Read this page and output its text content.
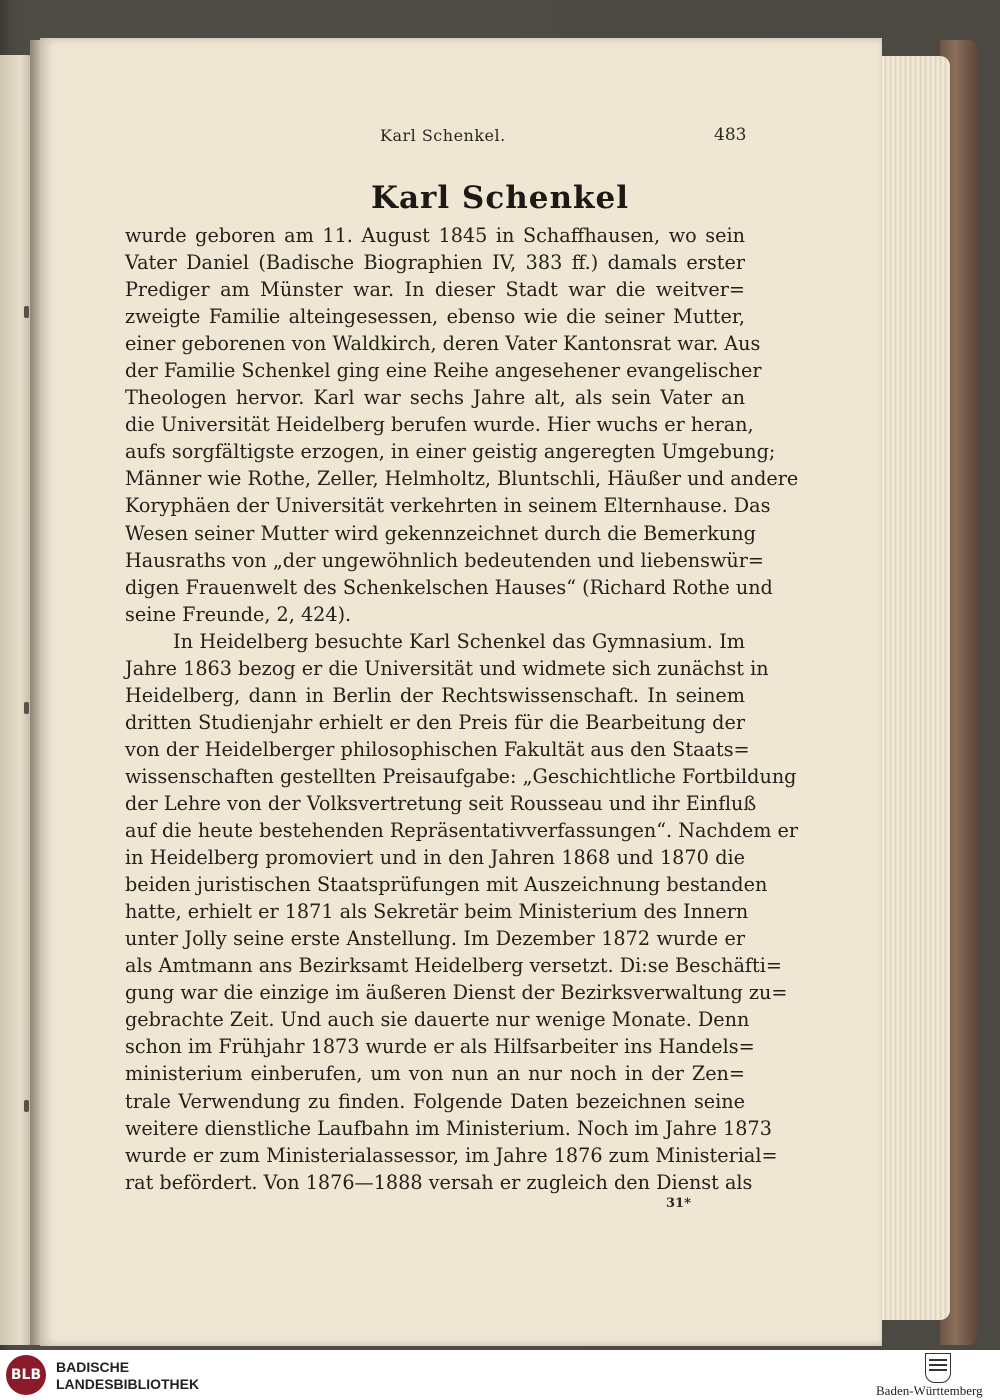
Karl Schenkel.	483
Karl Schenkel
wurde geboren am 11. August 1845 in Schaffhausen, wo sein
Vater Daniel (Badische Biographien IV, 383 ff.) damals erster
Prediger am Münster war. In dieser Stadt war die weitver=
zweigte Familie alteingesessen, ebenso wie die seiner Mutter,
einer geborenen von Waldkirch, deren Vater Kantonsrat war. Aus
der Familie Schenkel ging eine Reihe angesehener evangelischer
Theologen hervor. Karl war sechs Jahre alt, als sein Vater an
die Universität Heidelberg berufen wurde. Hier wuchs er heran,
aufs sorgfältigste erzogen, in einer geistig angeregten Umgebung;
Männer wie Rothe, Zeller, Helmholtz, Bluntschli, Häußer und andere
Koryphäen der Universität verkehrten in seinem Elternhause. Das
Wesen seiner Mutter wird gekennzeichnet durch die Bemerkung
Hausraths von „der ungewöhnlich bedeutenden und liebenswür=
digen Frauenwelt des Schenkelschen Hauses“ (Richard Rothe und
seine Freunde, 2, 424).
In Heidelberg besuchte Karl Schenkel das Gymnasium. Im
Jahre 1863 bezog er die Universität und widmete sich zunächst in
Heidelberg, dann in Berlin der Rechtswissenschaft. In seinem
dritten Studienjahr erhielt er den Preis für die Bearbeitung der
von der Heidelberger philosophischen Fakultät aus den Staats=
wissenschaften gestellten Preisaufgabe: „Geschichtliche Fortbildung
der Lehre von der Volksvertretung seit Rousseau und ihr Einfluß
auf die heute bestehenden Repräsentativverfassungen“. Nachdem er
in Heidelberg promoviert und in den Jahren 1868 und 1870 die
beiden juristischen Staatsprüfungen mit Auszeichnung bestanden
hatte, erhielt er 1871 als Sekretär beim Ministerium des Innern
unter Jolly seine erste Anstellung. Im Dezember 1872 wurde er
als Amtmann ans Bezirksamt Heidelberg versetzt. Di:se Beschäfti=
gung war die einzige im äußeren Dienst der Bezirksverwaltung zu=
gebrachte Zeit. Und auch sie dauerte nur wenige Monate. Denn
schon im Frühjahr 1873 wurde er als Hilfsarbeiter ins Handels=
ministerium einberufen, um von nun an nur noch in der Zen=
trale Verwendung zu finden. Folgende Daten bezeichnen seine
weitere dienstliche Laufbahn im Ministerium. Noch im Jahre 1873
wurde er zum Ministerialassessor, im Jahre 1876 zum Ministerial=
rat befördert. Von 1876—1888 versah er zugleich den Dienst als
31*
BLB BADISCHE
LANDESBIBLIOTHEK	Baden-Württemberg
